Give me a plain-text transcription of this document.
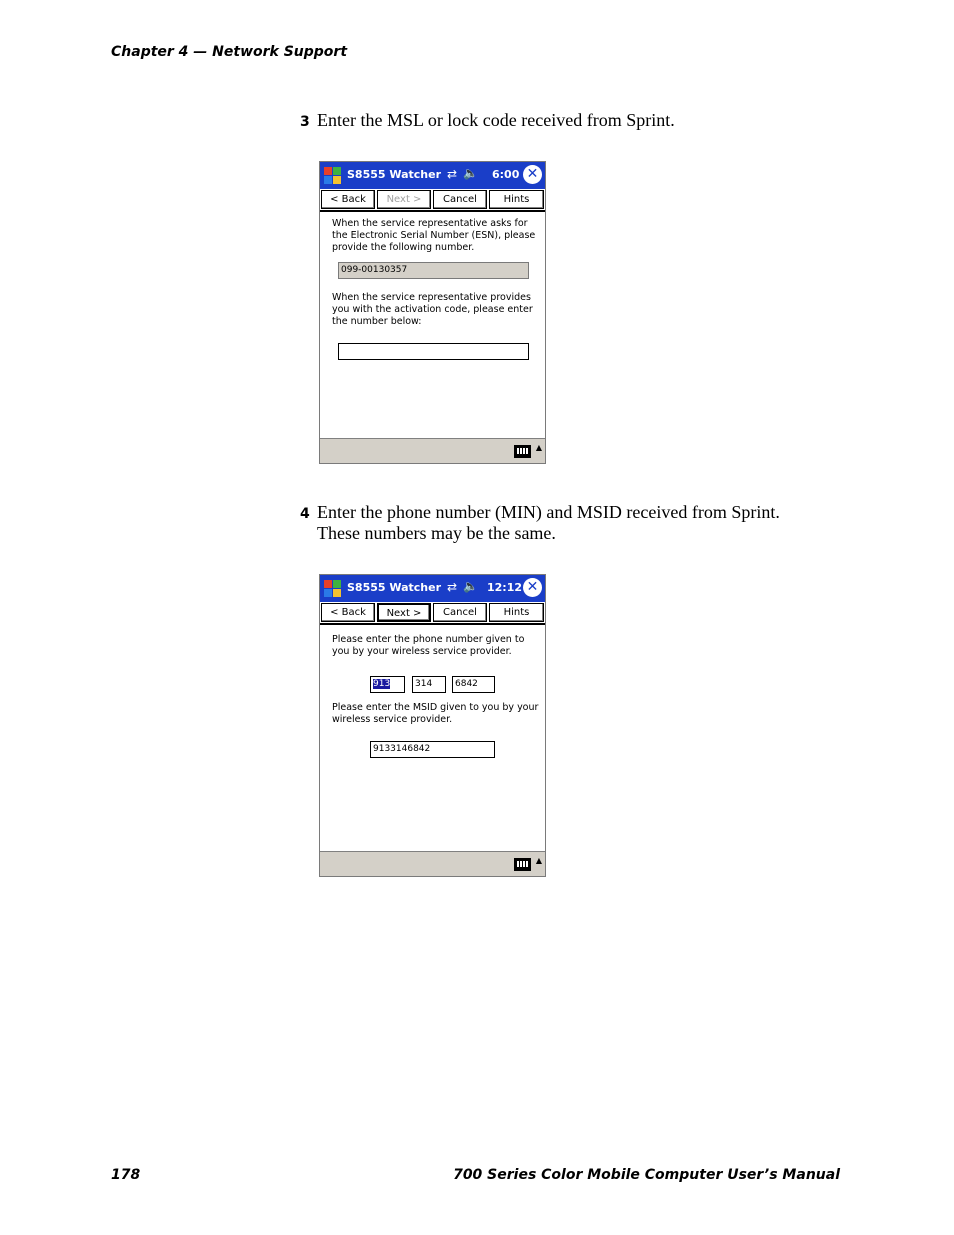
Chapter 4 — Network Support
3 Enter the MSL or lock code received from Sprint.
S8555 Watcher ⇄ 🔈 6:00 ✕
< Back	Next >	Cancel	Hints
When the service representative asks for the Electronic Serial Number (ESN), please provide the following number.
099-00130357
When the service representative provides you with the activation code, please enter the number below:
▲
4 Enter the phone number (MIN) and MSID received from Sprint.
These numbers may be the same.
S8555 Watcher ⇄ 🔈 12:12 ✕
< Back	Next >	Cancel	Hints
Please enter the phone number given to you by your wireless service provider.
913	314	6842
Please enter the MSID given to you by your wireless service provider.
9133146842
▲
178	700 Series Color Mobile Computer User’s Manual
